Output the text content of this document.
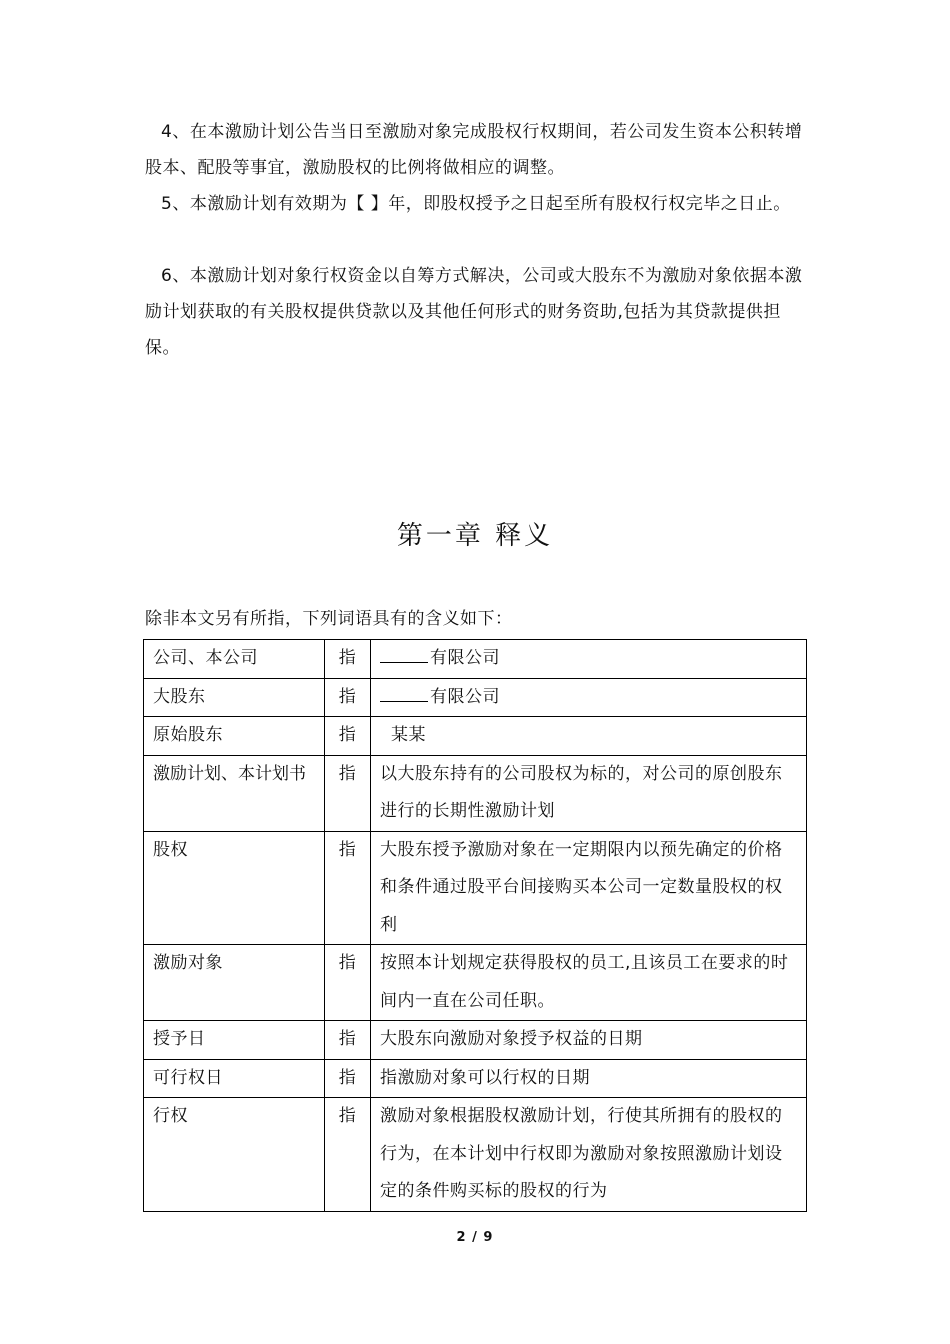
4、在本激励计划公告当日至激励对象完成股权行权期间，若公司发生资本公积转增股本、配股等事宜，激励股权的比例将做相应的调整。

5、本激励计划有效期为【 】年，即股权授予之日起至所有股权行权完毕之日止。

6、本激励计划对象行权资金以自筹方式解决，公司或大股东不为激励对象依据本激励计划获取的有关股权提供贷款以及其他任何形式的财务资助,包括为其贷款提供担保。

第一章 释义
除非本文另有所指，下列词语具有的含义如下：
公司、本公司	指	有限公司
大股东	指	有限公司
原始股东	指	某某
激励计划、本计划书	指	以大股东持有的公司股权为标的，对公司的原创股东进行的长期性激励计划
股权	指	大股东授予激励对象在一定期限内以预先确定的价格和条件通过股平台间接购买本公司一定数量股权的权利
激励对象	指	按照本计划规定获得股权的员工,且该员工在要求的时间内一直在公司任职。
授予日	指	大股东向激励对象授予权益的日期
可行权日	指	指激励对象可以行权的日期
行权	指	激励对象根据股权激励计划，行使其所拥有的股权的行为，在本计划中行权即为激励对象按照激励计划设定的条件购买标的股权的行为
2 / 9
